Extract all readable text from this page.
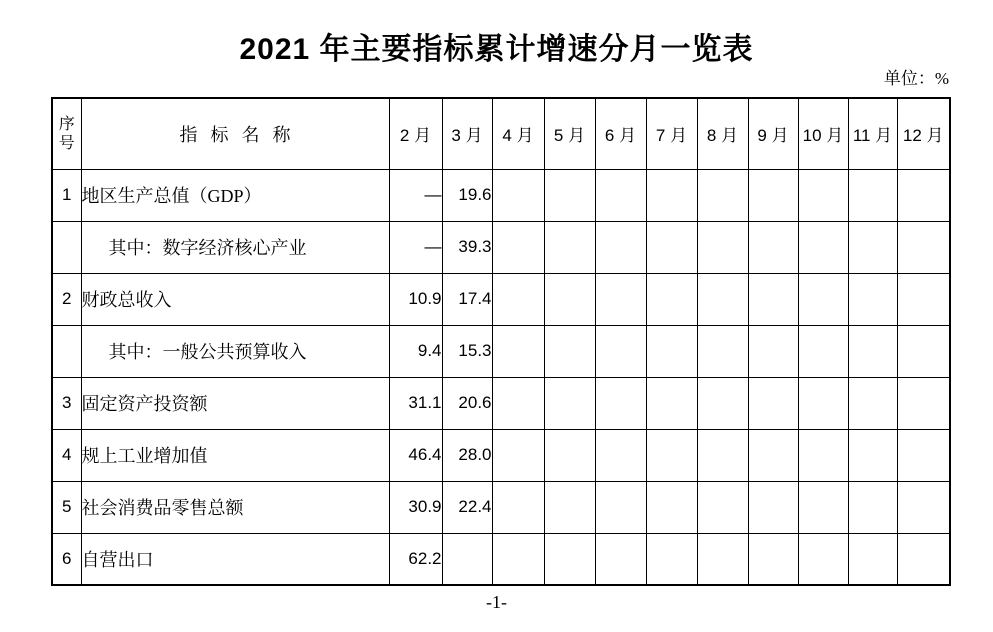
2021 年主要指标累计增速分月一览表
单位：%
序
号	指 标 名 称	2 月	3 月	4 月	5 月	6 月	7 月	8 月	9 月	10 月	11 月	12 月
1	地区生产总值（GDP）	—	19.6									
	其中：数字经济核心产业	—	39.3									
2	财政总收入	10.9	17.4									
	其中：一般公共预算收入	9.4	15.3									
3	固定资产投资额	31.1	20.6									
4	规上工业增加值	46.4	28.0									
5	社会消费品零售总额	30.9	22.4									
6	自营出口	62.2										
-1-
